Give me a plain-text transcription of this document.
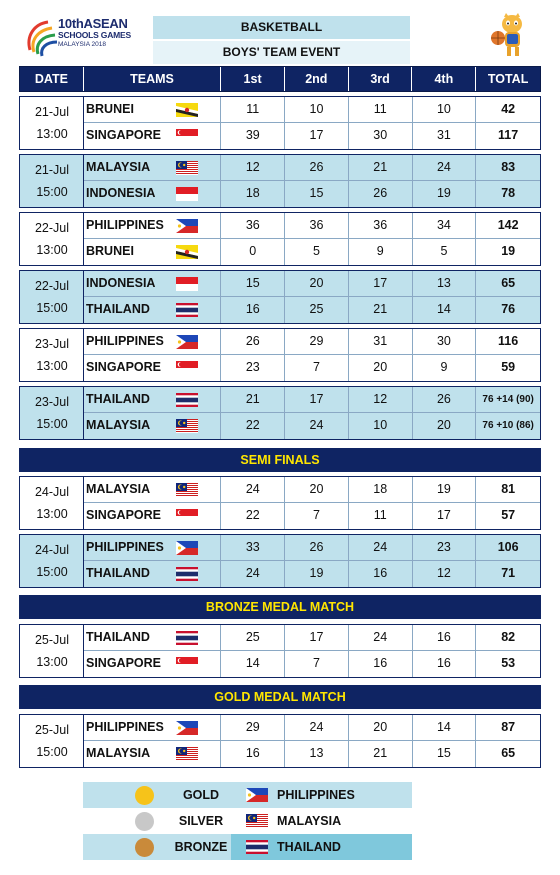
10thASEAN
SCHOOLS GAMES
MALAYSIA 2018
BASKETBALL
BOYS' TEAM EVENT
DATE	TEAMS	1st	2nd	3rd	4th	TOTAL
SEMI FINALS
BRONZE MEDAL MATCH
GOLD MEDAL MATCH
21-Jul
13:00
BRUNEI	11	10	11	10	42
SINGAPORE	39	17	30	31	117
21-Jul
15:00
MALAYSIA	12	26	21	24	83
INDONESIA	18	15	26	19	78
22-Jul
13:00
PHILIPPINES	36	36	36	34	142
BRUNEI	0	5	9	5	19
22-Jul
15:00
INDONESIA	15	20	17	13	65
THAILAND	16	25	21	14	76
23-Jul
13:00
PHILIPPINES	26	29	31	30	116
SINGAPORE	23	7	20	9	59
23-Jul
15:00
THAILAND	21	17	12	26	76 +14 (90)
MALAYSIA	22	24	10	20	76 +10 (86)
24-Jul
13:00
MALAYSIA	24	20	18	19	81
SINGAPORE	22	7	11	17	57
24-Jul
15:00
PHILIPPINES	33	26	24	23	106
THAILAND	24	19	16	12	71
25-Jul
13:00
THAILAND	25	17	24	16	82
SINGAPORE	14	7	16	16	53
25-Jul
15:00
PHILIPPINES	29	24	20	14	87
MALAYSIA	16	13	21	15	65
GOLD	PHILIPPINES
SILVER	MALAYSIA
BRONZE	THAILAND
